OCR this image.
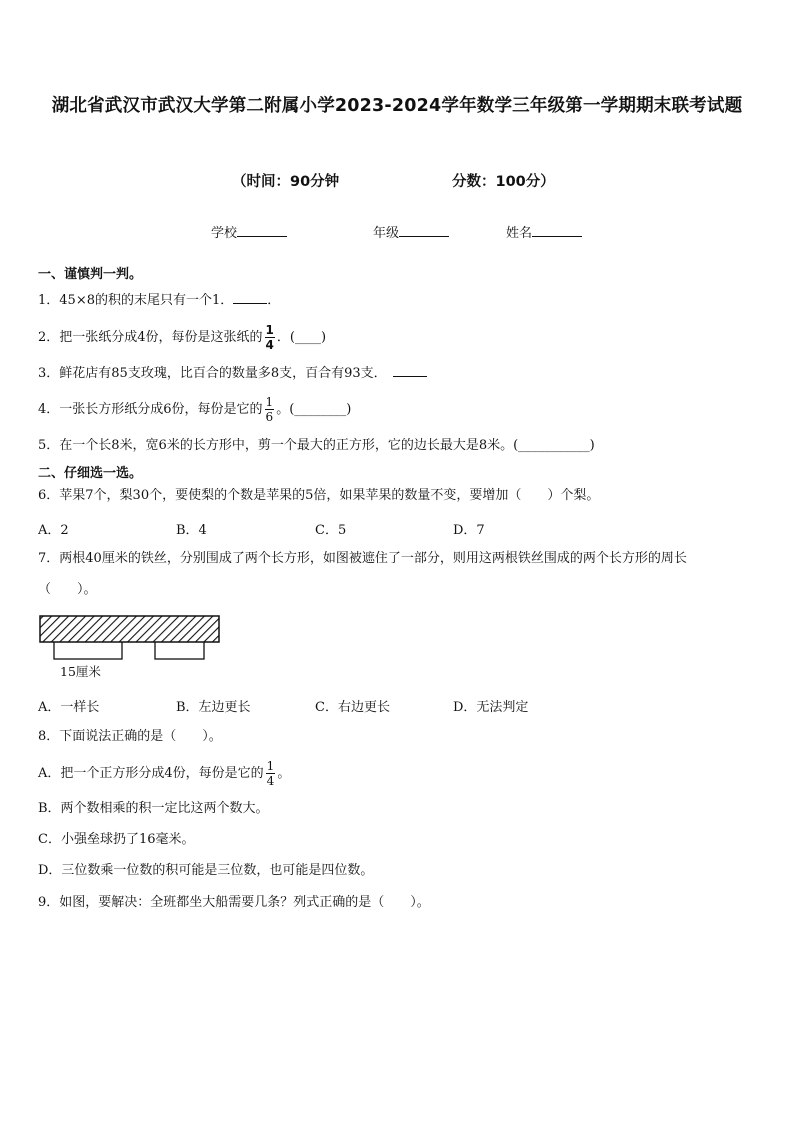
湖北省武汉市武汉大学第二附属小学2023-2024学年数学三年级第一学期期末联考试题
（时间：90分钟	分数：100分）
学校	年级	姓名
一、谨慎判一判。
1．45×8的积的末尾只有一个1．	．
2．把一张纸分成4份，每份是这张纸的 $\frac{1}{4}$ ．(____)
3．鲜花店有85支玫瑰，比百合的数量多8支，百合有93支．
4．一张长方形纸分成6份，每份是它的 $\frac{1}{6}$ 。(________)
5．在一个长8米，宽6米的长方形中，剪一个最大的正方形，它的边长最大是8米。(___________)
二、仔细选一选。
6．苹果7个，梨30个，要使梨的个数是苹果的5倍，如果苹果的数量不变，要增加（　　）个梨。
A．2	B．4	C．5	D．7
7．两根40厘米的铁丝，分别围成了两个长方形，如图被遮住了一部分，则用这两根铁丝围成的两个长方形的周长
（　　）。
15厘米
A．一样长	B．左边更长	C．右边更长	D．无法判定
8．下面说法正确的是（　　）。
A．把一个正方形分成4份，每份是它的 $\frac{1}{4}$ 。
B．两个数相乘的积一定比这两个数大。
C．小强垒球扔了16毫米。
D．三位数乘一位数的积可能是三位数，也可能是四位数。
9．如图，要解决：全班都坐大船需要几条？列式正确的是（　　）。
